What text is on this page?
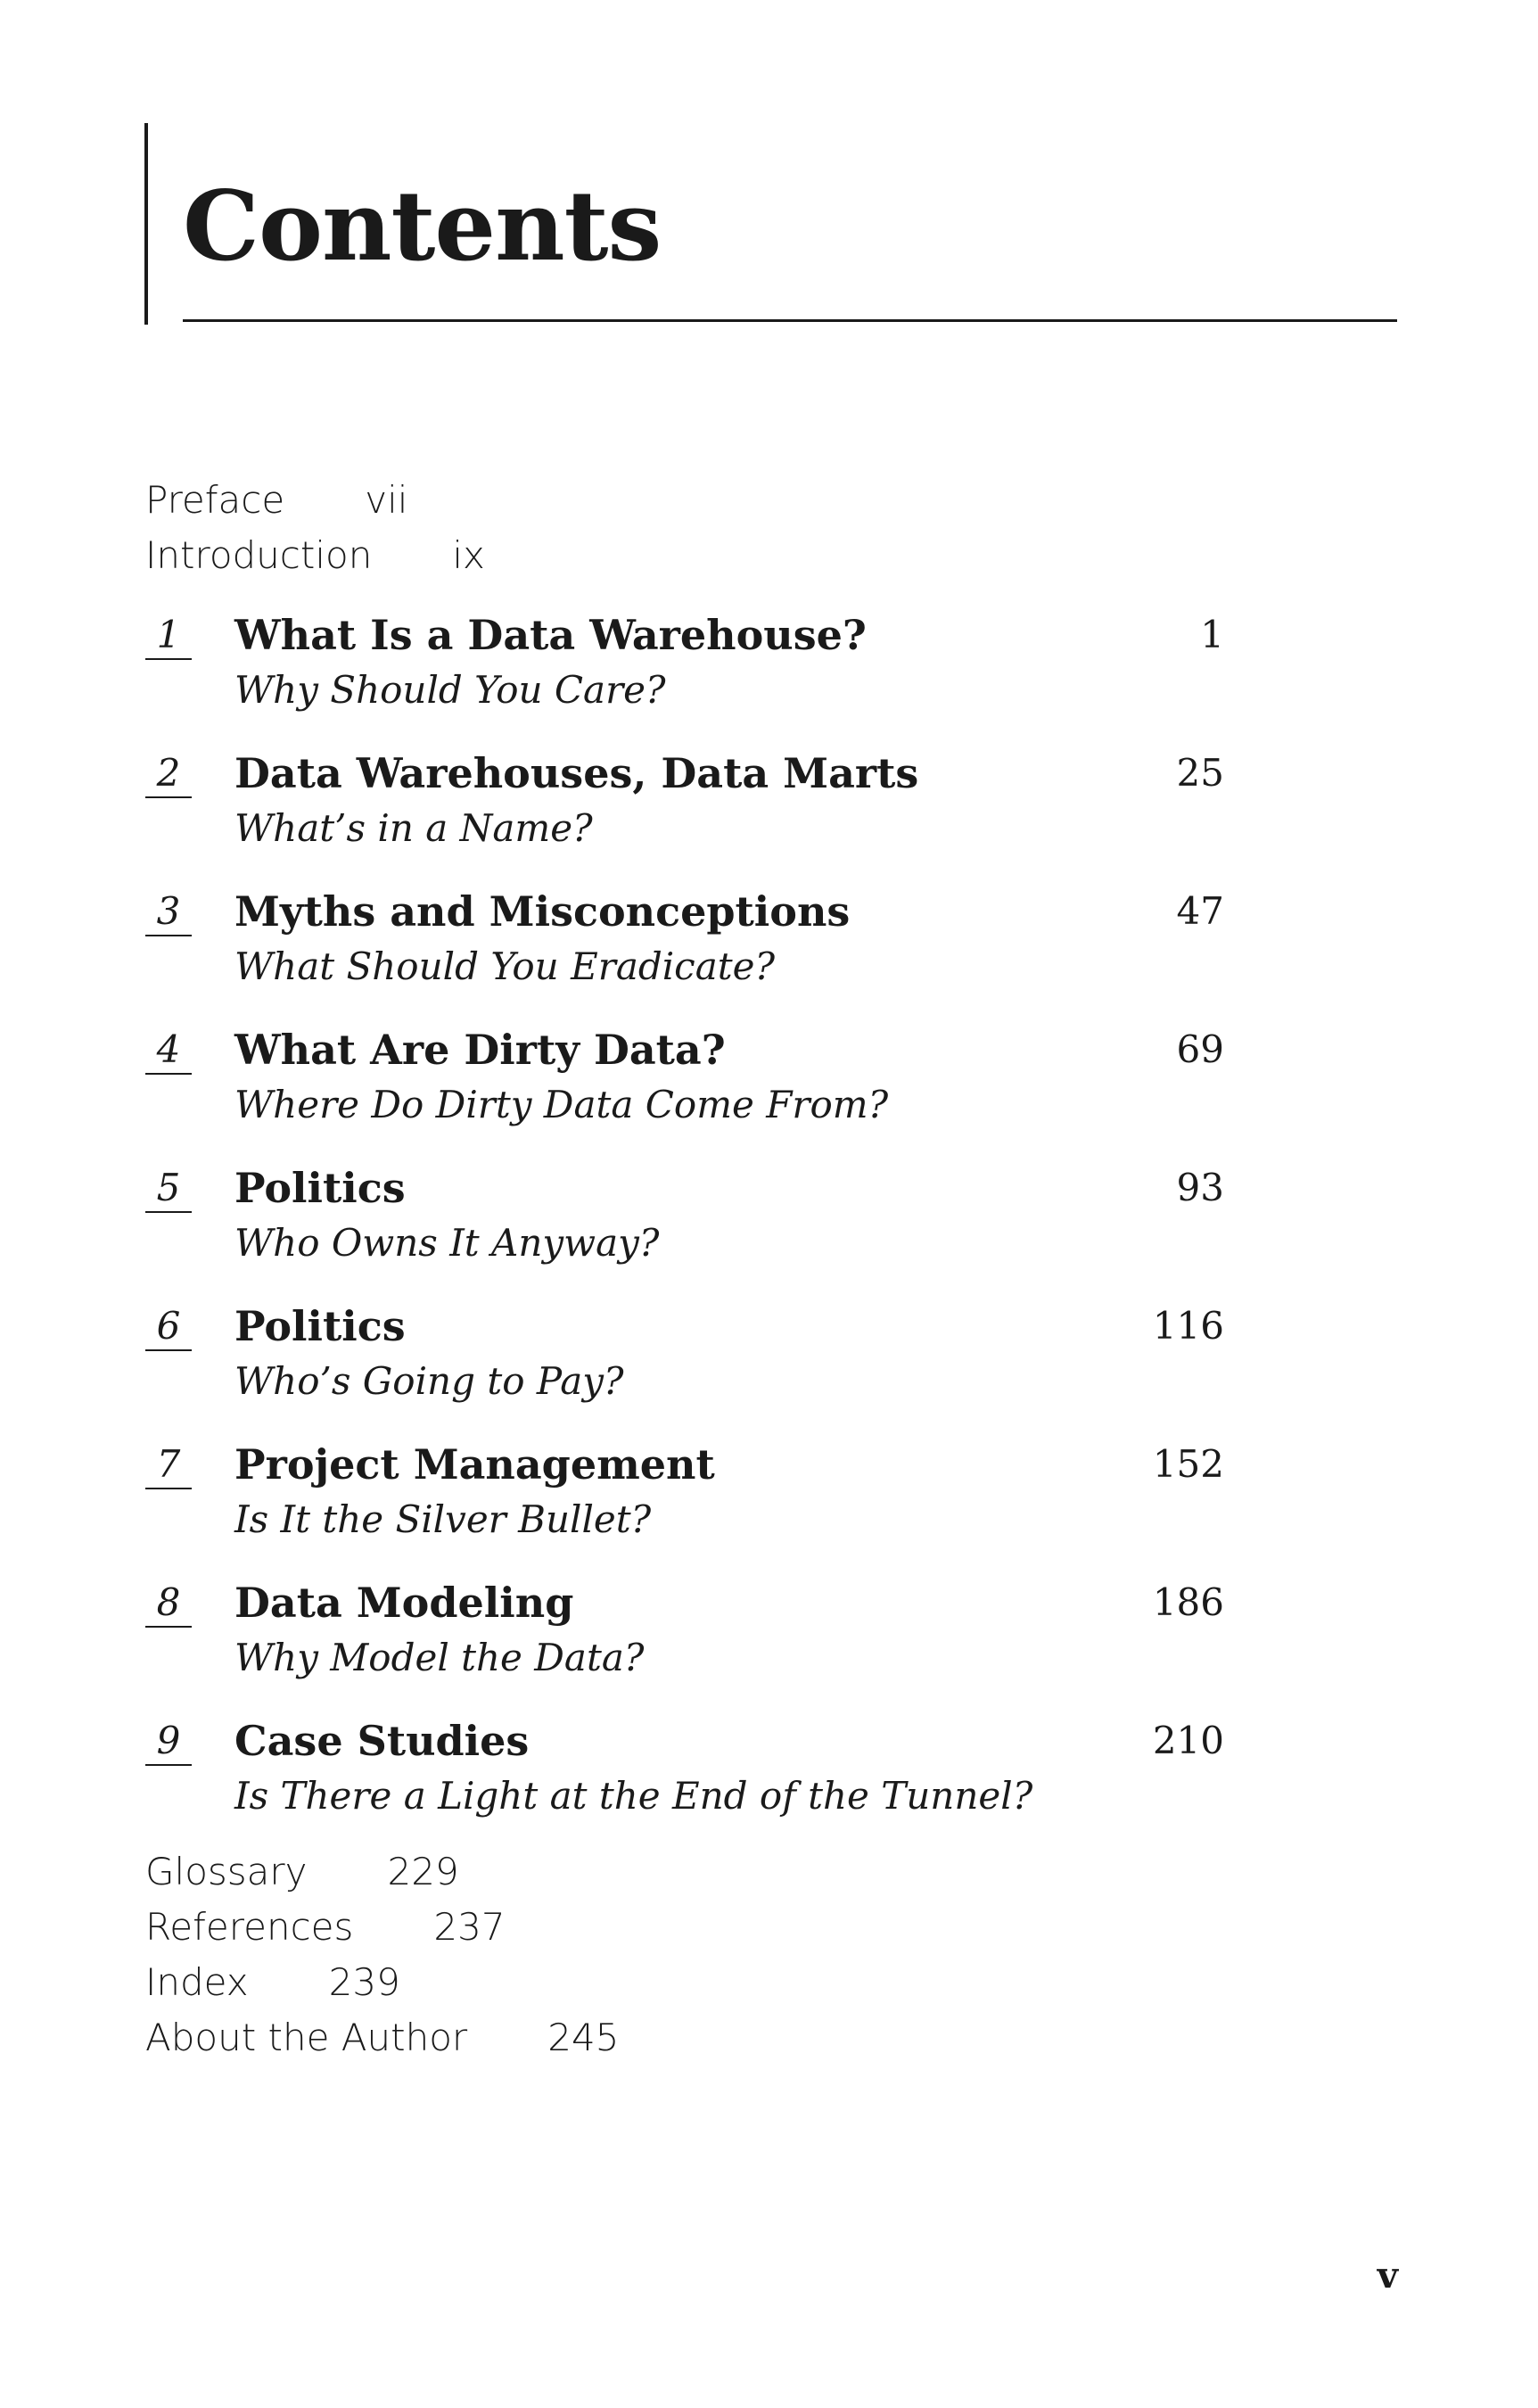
Contents
Preface vii
Introduction ix
1 What Is a Data Warehouse?
Why Should You Care?
1
2 Data Warehouses, Data Marts
What’s in a Name?
25
3 Myths and Misconceptions
What Should You Eradicate?
47
4 What Are Dirty Data?
Where Do Dirty Data Come From?
69
5 Politics
Who Owns It Anyway?
93
6 Politics
Who’s Going to Pay?
116
7 Project Management
Is It the Silver Bullet?
152
8 Data Modeling
Why Model the Data?
186
9 Case Studies
Is There a Light at the End of the Tunnel?
210
Glossary 229
References 237
Index 239
About the Author 245
v
